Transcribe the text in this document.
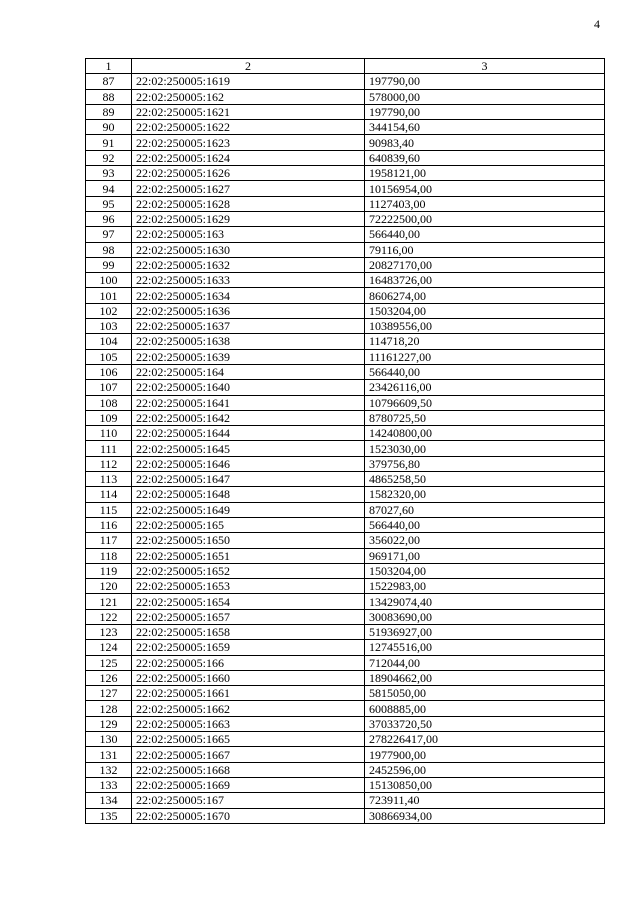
4
1	2	3
87	22:02:250005:1619	197790,00
88	22:02:250005:162	578000,00
89	22:02:250005:1621	197790,00
90	22:02:250005:1622	344154,60
91	22:02:250005:1623	90983,40
92	22:02:250005:1624	640839,60
93	22:02:250005:1626	1958121,00
94	22:02:250005:1627	10156954,00
95	22:02:250005:1628	1127403,00
96	22:02:250005:1629	72222500,00
97	22:02:250005:163	566440,00
98	22:02:250005:1630	79116,00
99	22:02:250005:1632	20827170,00
100	22:02:250005:1633	16483726,00
101	22:02:250005:1634	8606274,00
102	22:02:250005:1636	1503204,00
103	22:02:250005:1637	10389556,00
104	22:02:250005:1638	114718,20
105	22:02:250005:1639	11161227,00
106	22:02:250005:164	566440,00
107	22:02:250005:1640	23426116,00
108	22:02:250005:1641	10796609,50
109	22:02:250005:1642	8780725,50
110	22:02:250005:1644	14240800,00
111	22:02:250005:1645	1523030,00
112	22:02:250005:1646	379756,80
113	22:02:250005:1647	4865258,50
114	22:02:250005:1648	1582320,00
115	22:02:250005:1649	87027,60
116	22:02:250005:165	566440,00
117	22:02:250005:1650	356022,00
118	22:02:250005:1651	969171,00
119	22:02:250005:1652	1503204,00
120	22:02:250005:1653	1522983,00
121	22:02:250005:1654	13429074,40
122	22:02:250005:1657	30083690,00
123	22:02:250005:1658	51936927,00
124	22:02:250005:1659	12745516,00
125	22:02:250005:166	712044,00
126	22:02:250005:1660	18904662,00
127	22:02:250005:1661	5815050,00
128	22:02:250005:1662	6008885,00
129	22:02:250005:1663	37033720,50
130	22:02:250005:1665	278226417,00
131	22:02:250005:1667	1977900,00
132	22:02:250005:1668	2452596,00
133	22:02:250005:1669	15130850,00
134	22:02:250005:167	723911,40
135	22:02:250005:1670	30866934,00
